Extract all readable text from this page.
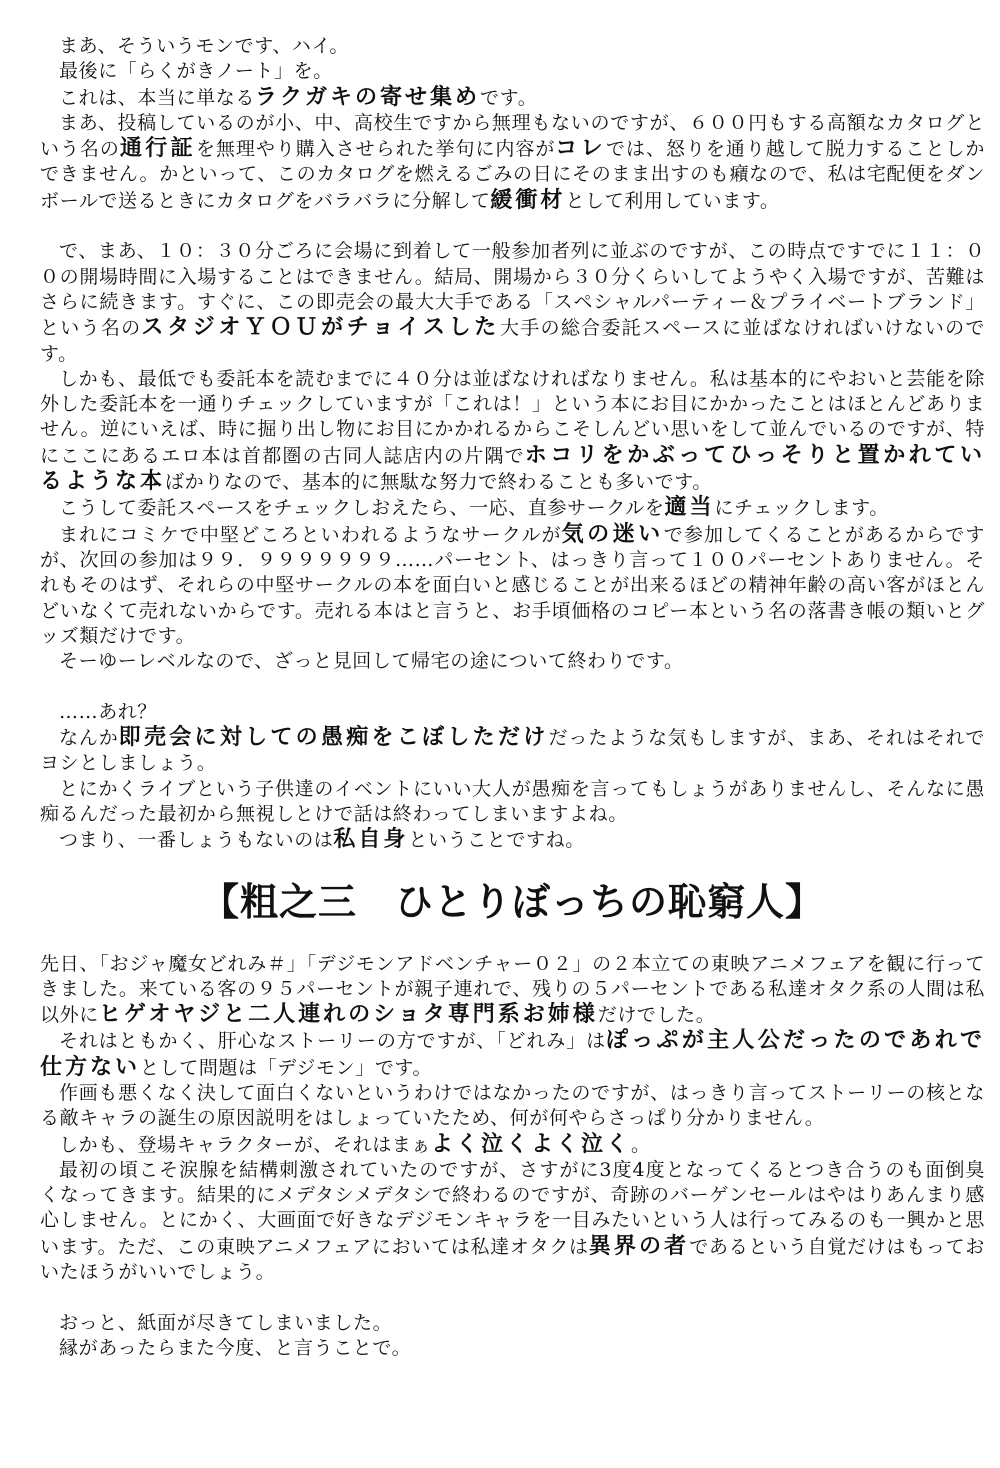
まあ、そういうモンです、ハイ。

最後に「らくがきノート」を。

これは、本当に単なるラクガキの寄せ集めです。

まあ、投稿しているのが小、中、高校生ですから無理もないのですが、６００円もする高額なカタログという名の通行証を無理やり購入させられた挙句に内容がコレでは、怒りを通り越して脱力することしかできません。かといって、このカタログを燃えるごみの日にそのまま出すのも癪なので、私は宅配便をダンボールで送るときにカタログをバラバラに分解して緩衝材として利用しています。

で、まあ、１０：３０分ごろに会場に到着して一般参加者列に並ぶのですが、この時点ですでに１１：００の開場時間に入場することはできません。結局、開場から３０分くらいしてようやく入場ですが、苦難はさらに続きます。すぐに、この即売会の最大大手である「スペシャルパーティー＆プライベートブランド」という名のスタジオＹＯＵがチョイスした大手の総合委託スペースに並ばなければいけないのです。

しかも、最低でも委託本を読むまでに４０分は並ばなければなりません。私は基本的にやおいと芸能を除外した委託本を一通りチェックしていますが「これは！」という本にお目にかかったことはほとんどありません。逆にいえば、時に掘り出し物にお目にかかれるからこそしんどい思いをして並んでいるのですが、特にここにあるエロ本は首都圏の古同人誌店内の片隅でホコリをかぶってひっそりと置かれているような本ばかりなので、基本的に無駄な努力で終わることも多いです。

こうして委託スペースをチェックしおえたら、一応、直参サークルを適当にチェックします。

まれにコミケで中堅どころといわれるようなサークルが気の迷いで参加してくることがあるからですが、次回の参加は９９．９９９９９９９……パーセント、はっきり言って１００パーセントありません。それもそのはず、それらの中堅サークルの本を面白いと感じることが出来るほどの精神年齢の高い客がほとんどいなくて売れないからです。売れる本はと言うと、お手頃価格のコピー本という名の落書き帳の類いとグッズ類だけです。

そーゆーレベルなので、ざっと見回して帰宅の途について終わりです。

……あれ？

なんか即売会に対しての愚痴をこぼしただけだったような気もしますが、まあ、それはそれでヨシとしましょう。

とにかくライブという子供達のイベントにいい大人が愚痴を言ってもしょうがありませんし、そんなに愚痴るんだった最初から無視しとけで話は終わってしまいますよね。

つまり、一番しょうもないのは私自身ということですね。

【粗之三 ひとりぼっちの恥窮人】

先日、「おジャ魔女どれみ＃」「デジモンアドベンチャー０２」の２本立ての東映アニメフェアを観に行ってきました。来ている客の９５パーセントが親子連れで、残りの５パーセントである私達オタク系の人間は私以外にヒゲオヤジと二人連れのショタ専門系お姉様だけでした。

それはともかく、肝心なストーリーの方ですが、「どれみ」はぽっぷが主人公だったのであれで仕方ないとして問題は「デジモン」です。

作画も悪くなく決して面白くないというわけではなかったのですが、はっきり言ってストーリーの核となる敵キャラの誕生の原因説明をはしょっていたため、何が何やらさっぱり分かりません。

しかも、登場キャラクターが、それはまぁよく泣くよく泣く。

最初の頃こそ涙腺を結構刺激されていたのですが、さすがに3度4度となってくるとつき合うのも面倒臭くなってきます。結果的にメデタシメデタシで終わるのですが、奇跡のバーゲンセールはやはりあんまり感心しません。とにかく、大画面で好きなデジモンキャラを一目みたいという人は行ってみるのも一興かと思います。ただ、この東映アニメフェアにおいては私達オタクは異界の者であるという自覚だけはもっておいたほうがいいでしょう。

おっと、紙面が尽きてしまいました。

縁があったらまた今度、と言うことで。
